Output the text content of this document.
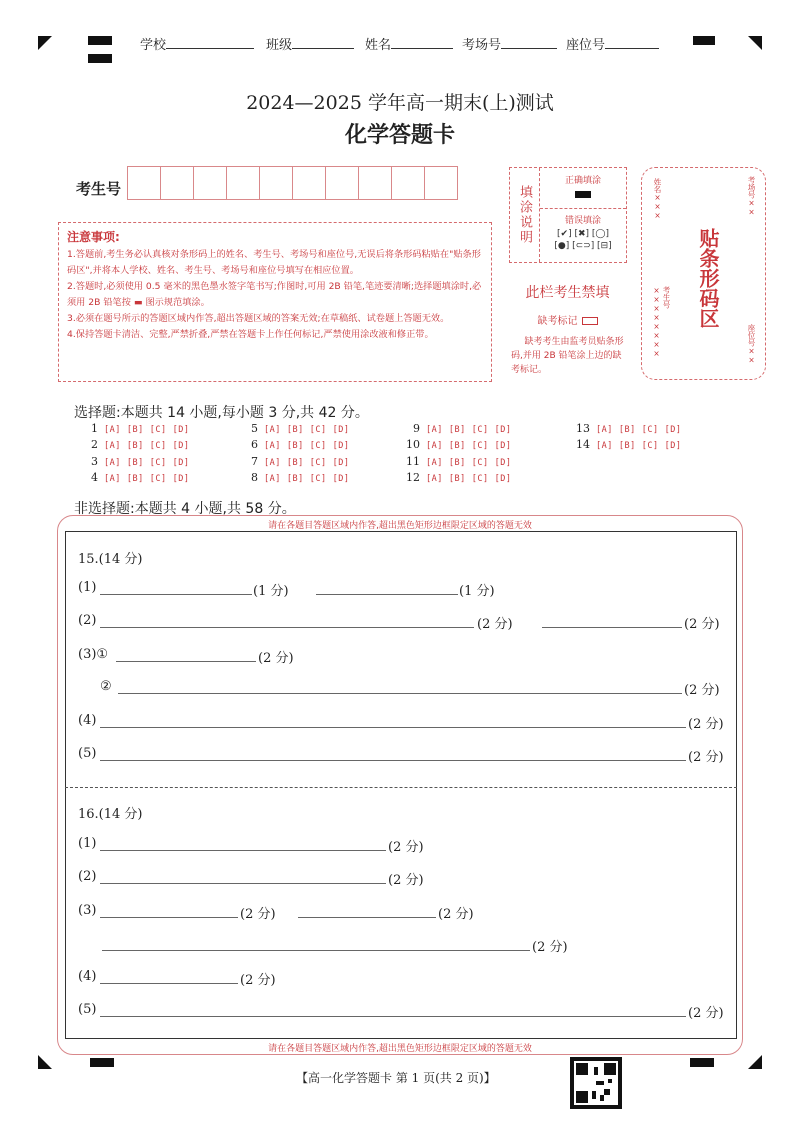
学校	班级	姓名	考场号	座位号
2024—2025 学年高一期末(上)测试
化学答题卡
考生号
注意事项:
1.答题前,考生务必认真核对条形码上的姓名、考生号、考场号和座位号,无误后将条形码粘贴在"贴条形码区",并将本人学校、姓名、考生号、考场号和座位号填写在相应位置。
2.答题时,必须使用 0.5 毫米的黑色墨水签字笔书写;作图时,可用 2B 铅笔,笔迹要清晰;选择题填涂时,必须用 2B 铅笔按 ▬ 图示规范填涂。
3.必须在题号所示的答题区域内作答,超出答题区域的答案无效;在草稿纸、试卷题上答题无效。
4.保持答题卡清洁、完整,严禁折叠,严禁在答题卡上作任何标记,严禁使用涂改液和修正带。
填涂说明
正确填涂
错误填涂
[✔] [✖] [◯]
[●] [⊂⊃] [⊟]
此栏考生禁填
缺考标记
缺考考生由监考员贴条形码,并用 2B 铅笔涂上边的缺考标记。
姓名×××	考场号××
贴条形码区
考生号××××××××	座位号××
选择题:本题共 14 小题,每小题 3 分,共 42 分。
1 [A] [B] [C] [D]
2 [A] [B] [C] [D]
3 [A] [B] [C] [D]
4 [A] [B] [C] [D]
5 [A] [B] [C] [D]
6 [A] [B] [C] [D]
7 [A] [B] [C] [D]
8 [A] [B] [C] [D]
9 [A] [B] [C] [D]
10 [A] [B] [C] [D]
11 [A] [B] [C] [D]
12 [A] [B] [C] [D]
13 [A] [B] [C] [D]
14 [A] [B] [C] [D]
非选择题:本题共 4 小题,共 58 分。
请在各题目答题区域内作答,超出黑色矩形边框限定区域的答题无效
请在各题目答题区域内作答,超出黑色矩形边框限定区域的答题无效
15.(14 分)
(1)	(1 分)	(1 分)
(2)	(2 分)	(2 分)
(3)①	(2 分)
②	(2 分)
(4)	(2 分)
(5)	(2 分)
16.(14 分)
(1)	(2 分)
(2)	(2 分)
(3)	(2 分)	(2 分)
(2 分)
(4)	(2 分)
(5)	(2 分)
【高一化学答题卡 第 1 页(共 2 页)】
